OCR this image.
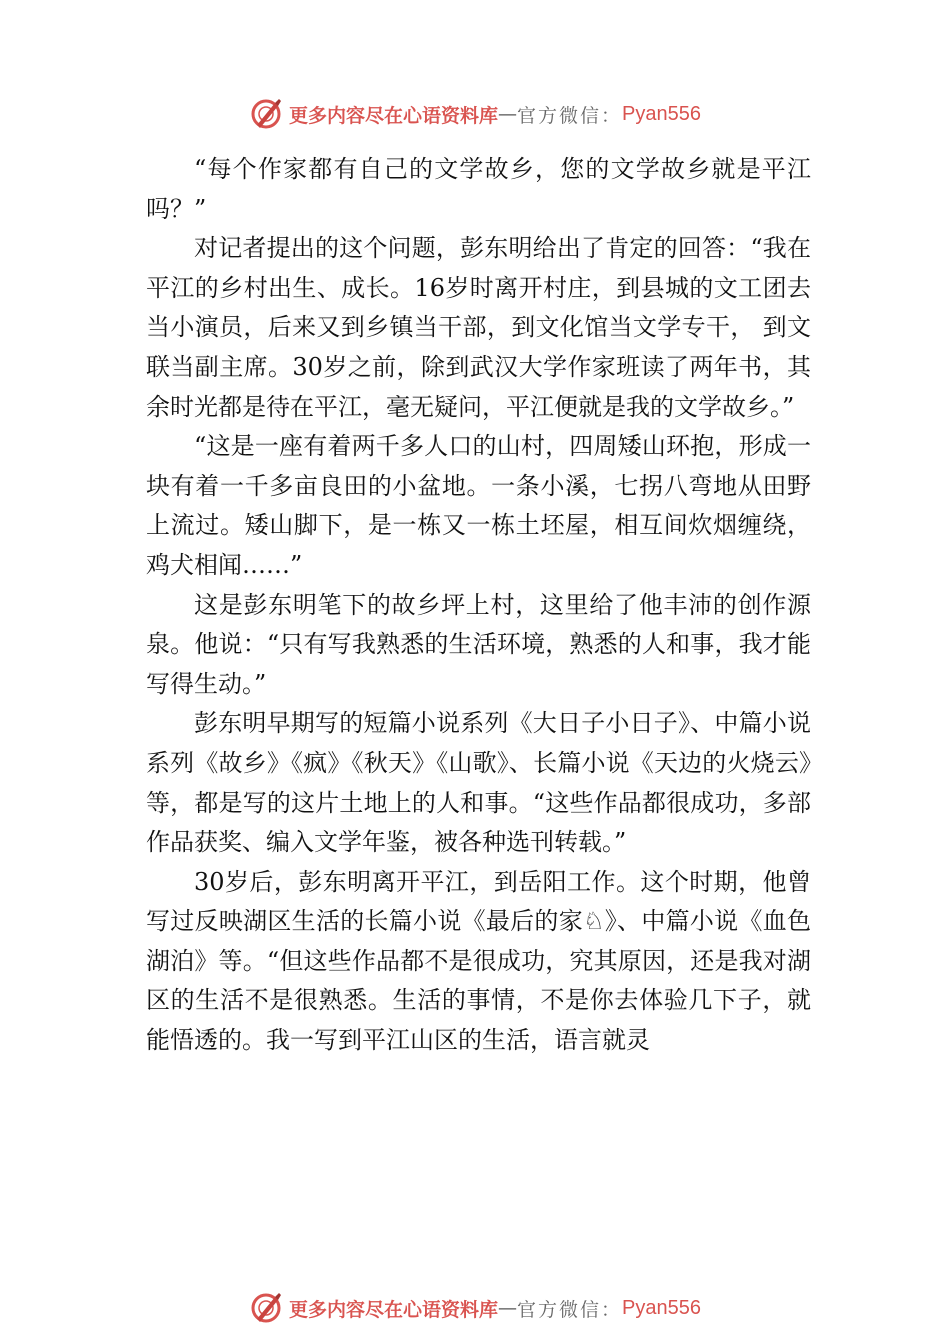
更多内容尽在心语资料库 — 官方微信： Pyan556

“每个作家都有自己的文学故乡，您的文学故乡就是平江吗？”

对记者提出的这个问题，彭东明给出了肯定的回答：“我在平江的乡村出生、成长。16岁时离开村庄，到县城的文工团去当小演员，后来又到乡镇当干部，到文化馆当文学专干， 到文联当副主席。30岁之前，除到武汉大学作家班读了两年书，其余时光都是待在平江，毫无疑问，平江便就是我的文学故乡。”

“这是一座有着两千多人口的山村，四周矮山环抱，形成一块有着一千多亩良田的小盆地。一条小溪，七拐八弯地从田野上流过。矮山脚下，是一栋又一栋土坯屋，相互间炊烟缠绕，鸡犬相闻……”

这是彭东明笔下的故乡坪上村，这里给了他丰沛的创作源泉。他说：“只有写我熟悉的生活环境，熟悉的人和事，我才能写得生动。”

彭东明早期写的短篇小说系列《大日子小日子》、中篇小说系列《故乡》《疯》《秋天》《山歌》、长篇小说《天边的火烧云》等，都是写的这片土地上的人和事。“这些作品都很成功，多部作品获奖、编入文学年鉴，被各种选刊转载。”

30岁后，彭东明离开平江，到岳阳工作。这个时期，他曾写过反映湖区生活的长篇小说《最后的家♘》、中篇小说《血色湖泊》等。“但这些作品都不是很成功，究其原因，还是我对湖区的生活不是很熟悉。生活的事情，不是你去体验几下子，就能悟透的。我一写到平江山区的生活，语言就灵

更多内容尽在心语资料库 — 官方微信： Pyan556
